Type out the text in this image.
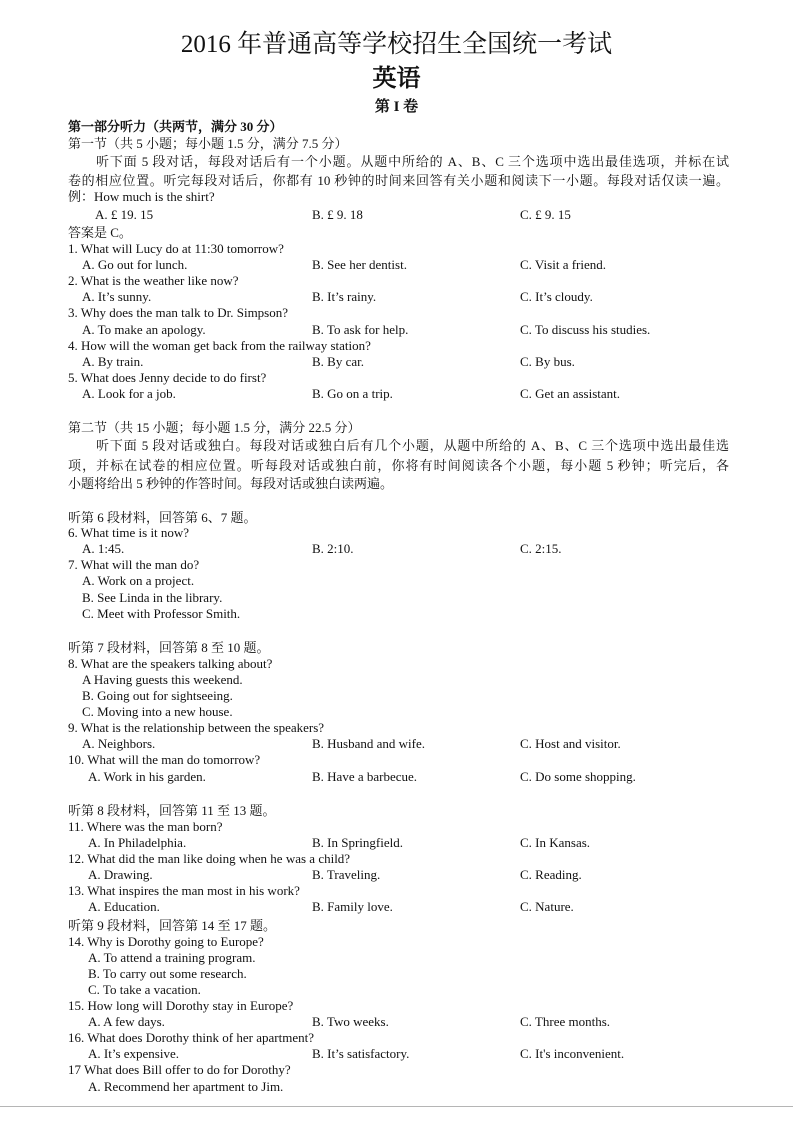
2016 年普通高等学校招生全国统一考试
英语
第 I 卷
第一部分听力（共两节，满分 30 分）
第一节（共 5 小题；每小题 1.5 分，满分 7.5 分）
听下面 5 段对话，每段对话后有一个小题。从题中所给的 A、B、C 三个选项中选出最佳选项，并标在试
卷的相应位置。听完每段对话后，你都有 10 秒钟的时间来回答有关小题和阅读下一小题。每段对话仅读一遍。
例：How much is the shirt?
A. £ 19. 15	B. £ 9. 18	C. £ 9. 15
答案是 C。
1. What will Lucy do at 11:30 tomorrow?
A. Go out for lunch.	B. See her dentist.	C. Visit a friend.
2. What is the weather like now?
A. It’s sunny.	B. It’s rainy.	C. It’s cloudy.
3. Why does the man talk to Dr. Simpson?
A. To make an apology.	B. To ask for help.	C. To discuss his studies.
4. How will the woman get back from the railway station?
A. By train.	B. By car.	C. By bus.
5. What does Jenny decide to do first?
A. Look for a job.	B. Go on a trip.	C. Get an assistant.
第二节（共 15 小题；每小题 1.5 分，满分 22.5 分）
听下面 5 段对话或独白。每段对话或独白后有几个小题，从题中所给的 A、B、C 三个选项中选出最佳选
项，并标在试卷的相应位置。听每段对话或独白前，你将有时间阅读各个小题，每小题 5 秒钟；听完后，各
小题将给出 5 秒钟的作答时间。每段对话或独白读两遍。
听第 6 段材料，回答第 6、7 题。
6. What time is it now?
A. 1:45.	B. 2:10.	C. 2:15.
7. What will the man do?
A. Work on a project.
B. See Linda in the library.
C. Meet with Professor Smith.
听第 7 段材料，回答第 8 至 10 题。
8. What are the speakers talking about?
A Having guests this weekend.
B. Going out for sightseeing.
C. Moving into a new house.
9. What is the relationship between the speakers?
A. Neighbors.	B. Husband and wife.	C. Host and visitor.
10. What will the man do tomorrow?
A. Work in his garden.	B. Have a barbecue.	C. Do some shopping.
听第 8 段材料，回答第 11 至 13 题。
11. Where was the man born?
A. In Philadelphia.	B. In Springfield.	C. In Kansas.
12. What did the man like doing when he was a child?
A. Drawing.	B. Traveling.	C. Reading.
13. What inspires the man most in his work?
A. Education.	B. Family love.	C. Nature.
听第 9 段材料，回答第 14 至 17 题。
14. Why is Dorothy going to Europe?
A. To attend a training program.
B. To carry out some research.
C. To take a vacation.
15. How long will Dorothy stay in Europe?
A. A few days.	B. Two weeks.	C. Three months.
16. What does Dorothy think of her apartment?
A. It’s expensive.	B. It’s satisfactory.	C. It's inconvenient.
17 What does Bill offer to do for Dorothy?
A. Recommend her apartment to Jim.
